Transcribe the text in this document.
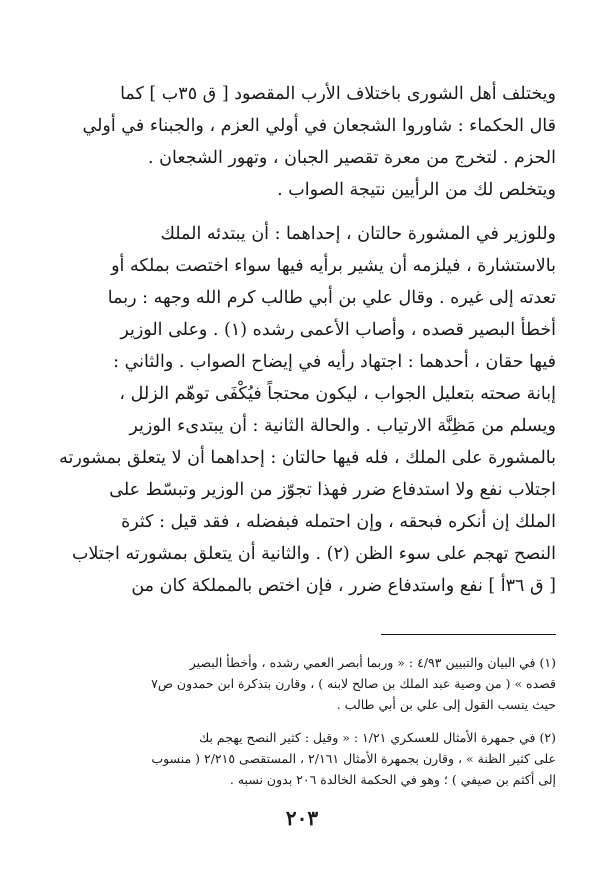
ويختلف أهل الشورى باختلاف الأرب المقصود [ ق ٣٥ب ] كما
قال الحكماء : شاوروا الشجعان في أولي العزم ، والجبناء في أولي
الحزم . لتخرج من معرة تقصير الجبان ، وتهور الشجعان .
ويتخلص لك من الرأيين نتيجة الصواب .
وللوزير في المشورة حالتان ، إحداهما : أن يبتدئه الملك
بالاستشارة ، فيلزمه أن يشير برأيه فيها سواء اختصت بملكه أو
تعدته إلى غيره . وقال علي بن أبي طالب كرم الله وجهه : ربما
أخطأ البصير قصده ، وأصاب الأعمى رشده (١) . وعلى الوزير
فيها حقان ، أحدهما : اجتهاد رأيه في إيضاح الصواب . والثاني :
إبانة صحته بتعليل الجواب ، ليكون محتجاً فيُكْفَى توهّم الزلل ،
ويسلم من مَظِنَّة الارتياب . والحالة الثانية : أن يبتدىء الوزير
بالمشورة على الملك ، فله فيها حالتان : إحداهما أن لا يتعلق بمشورته
اجتلاب نفع ولا استدفاع ضرر فهذا تجوّز من الوزير وتبسّط على
الملك إن أنكره فبحقه ، وإن احتمله فبفضله ، فقد قيل : كثرة
النصح تهجم على سوء الظن (٢) . والثانية أن يتعلق بمشورته اجتلاب
[ ق ٣٦أ ] نفع واستدفاع ضرر ، فإن اختص بالمملكة كان من
(١) في البيان والتبيين ٤/٩٣ : « وربما أبصر العمي رشده ، وأخطأ البصير
قصده » ( من وصية عبد الملك بن صالح لابنه ) ، وقارن بتذكرة ابن حمدون ص٧
حيث ينسب القول إلى علي بن أبي طالب .
(٢) في جمهرة الأمثال للعسكري ١/٢١ : « وقيل : كثير النصح يهجم بك
على كثير الظنة » ، وقارن بجمهرة الأمثال ٢/١٦١ ، المستقصى ٢/٢١٥ ( منسوب
إلى أكثم بن صيفي ) ؛ وهو في الحكمة الخالدة ٢٠٦ بدون نسبه .
٢٠٣
